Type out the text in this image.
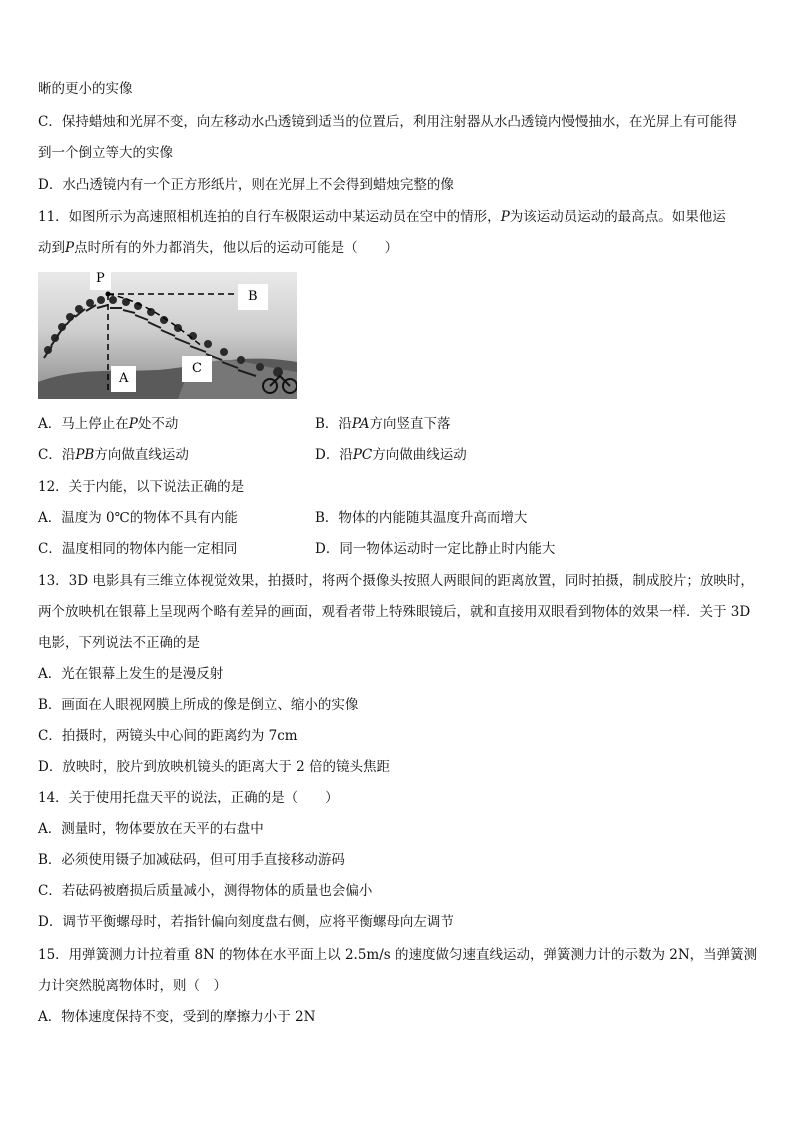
晰的更小的实像
C．保持蜡烛和光屏不变，向左移动水凸透镜到适当的位置后，利用注射器从水凸透镜内慢慢抽水，在光屏上有可能得
到一个倒立等大的实像
D．水凸透镜内有一个正方形纸片，则在光屏上不会得到蜡烛完整的像
11．如图所示为高速照相机连拍的自行车极限运动中某运动员在空中的情形，P为该运动员运动的最高点。如果他运
动到P点时所有的外力都消失，他以后的运动可能是（　　）
P
B
A
C
A．马上停止在P处不动	B．沿PA方向竖直下落
C．沿PB方向做直线运动	D．沿PC方向做曲线运动
12．关于内能，以下说法正确的是
A．温度为 0℃的物体不具有内能	B．物体的内能随其温度升高而增大
C．温度相同的物体内能一定相同	D．同一物体运动时一定比静止时内能大
13．3D 电影具有三维立体视觉效果，拍摄时，将两个摄像头按照人两眼间的距离放置，同时拍摄，制成胶片；放映时，
两个放映机在银幕上呈现两个略有差异的画面，观看者带上特殊眼镜后，就和直接用双眼看到物体的效果一样．关于 3D
电影，下列说法不正确的是
A．光在银幕上发生的是漫反射
B．画面在人眼视网膜上所成的像是倒立、缩小的实像
C．拍摄时，两镜头中心间的距离约为 7cm
D．放映时，胶片到放映机镜头的距离大于 2 倍的镜头焦距
14．关于使用托盘天平的说法，正确的是（　　）
A．测量时，物体要放在天平的右盘中
B．必须使用镊子加减砝码，但可用手直接移动游码
C．若砝码被磨损后质量减小，测得物体的质量也会偏小
D．调节平衡螺母时，若指针偏向刻度盘右侧，应将平衡螺母向左调节
15．用弹簧测力计拉着重 8N 的物体在水平面上以 2.5m/s 的速度做匀速直线运动，弹簧测力计的示数为 2N，当弹簧测
力计突然脱离物体时，则（　）
A．物体速度保持不变，受到的摩擦力小于 2N
